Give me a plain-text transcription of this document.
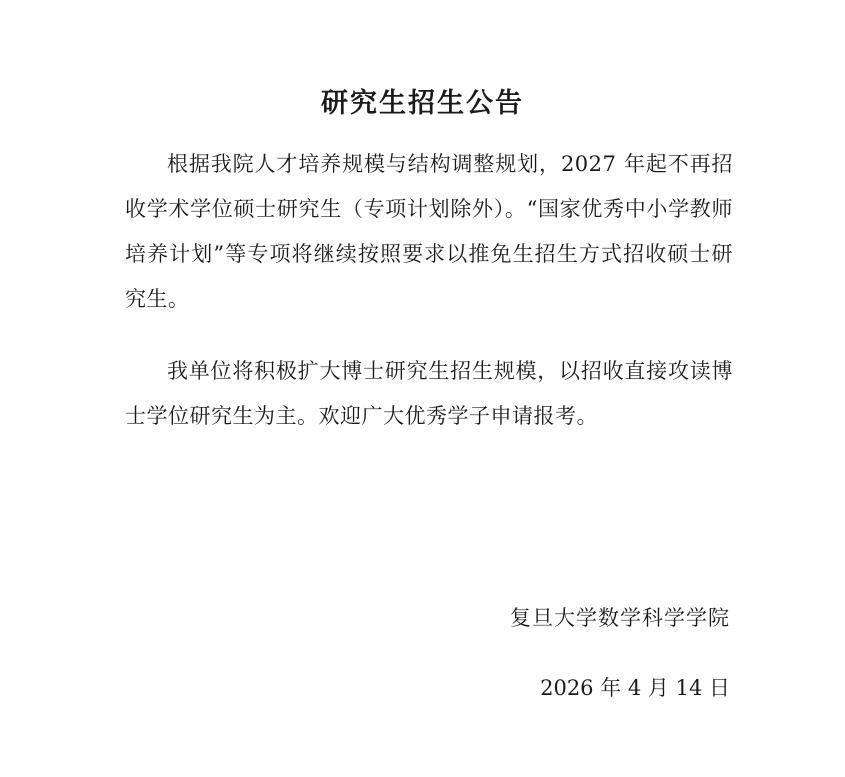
研究生招生公告

根据我院人才培养规模与结构调整规划，2027 年起不再招收学术学位硕士研究生（专项计划除外）。“国家优秀中小学教师培养计划”等专项将继续按照要求以推免生招生方式招收硕士研究生。

我单位将积极扩大博士研究生招生规模，以招收直接攻读博士学位研究生为主。欢迎广大优秀学子申请报考。

复旦大学数学科学学院
2026 年 4 月 14 日
